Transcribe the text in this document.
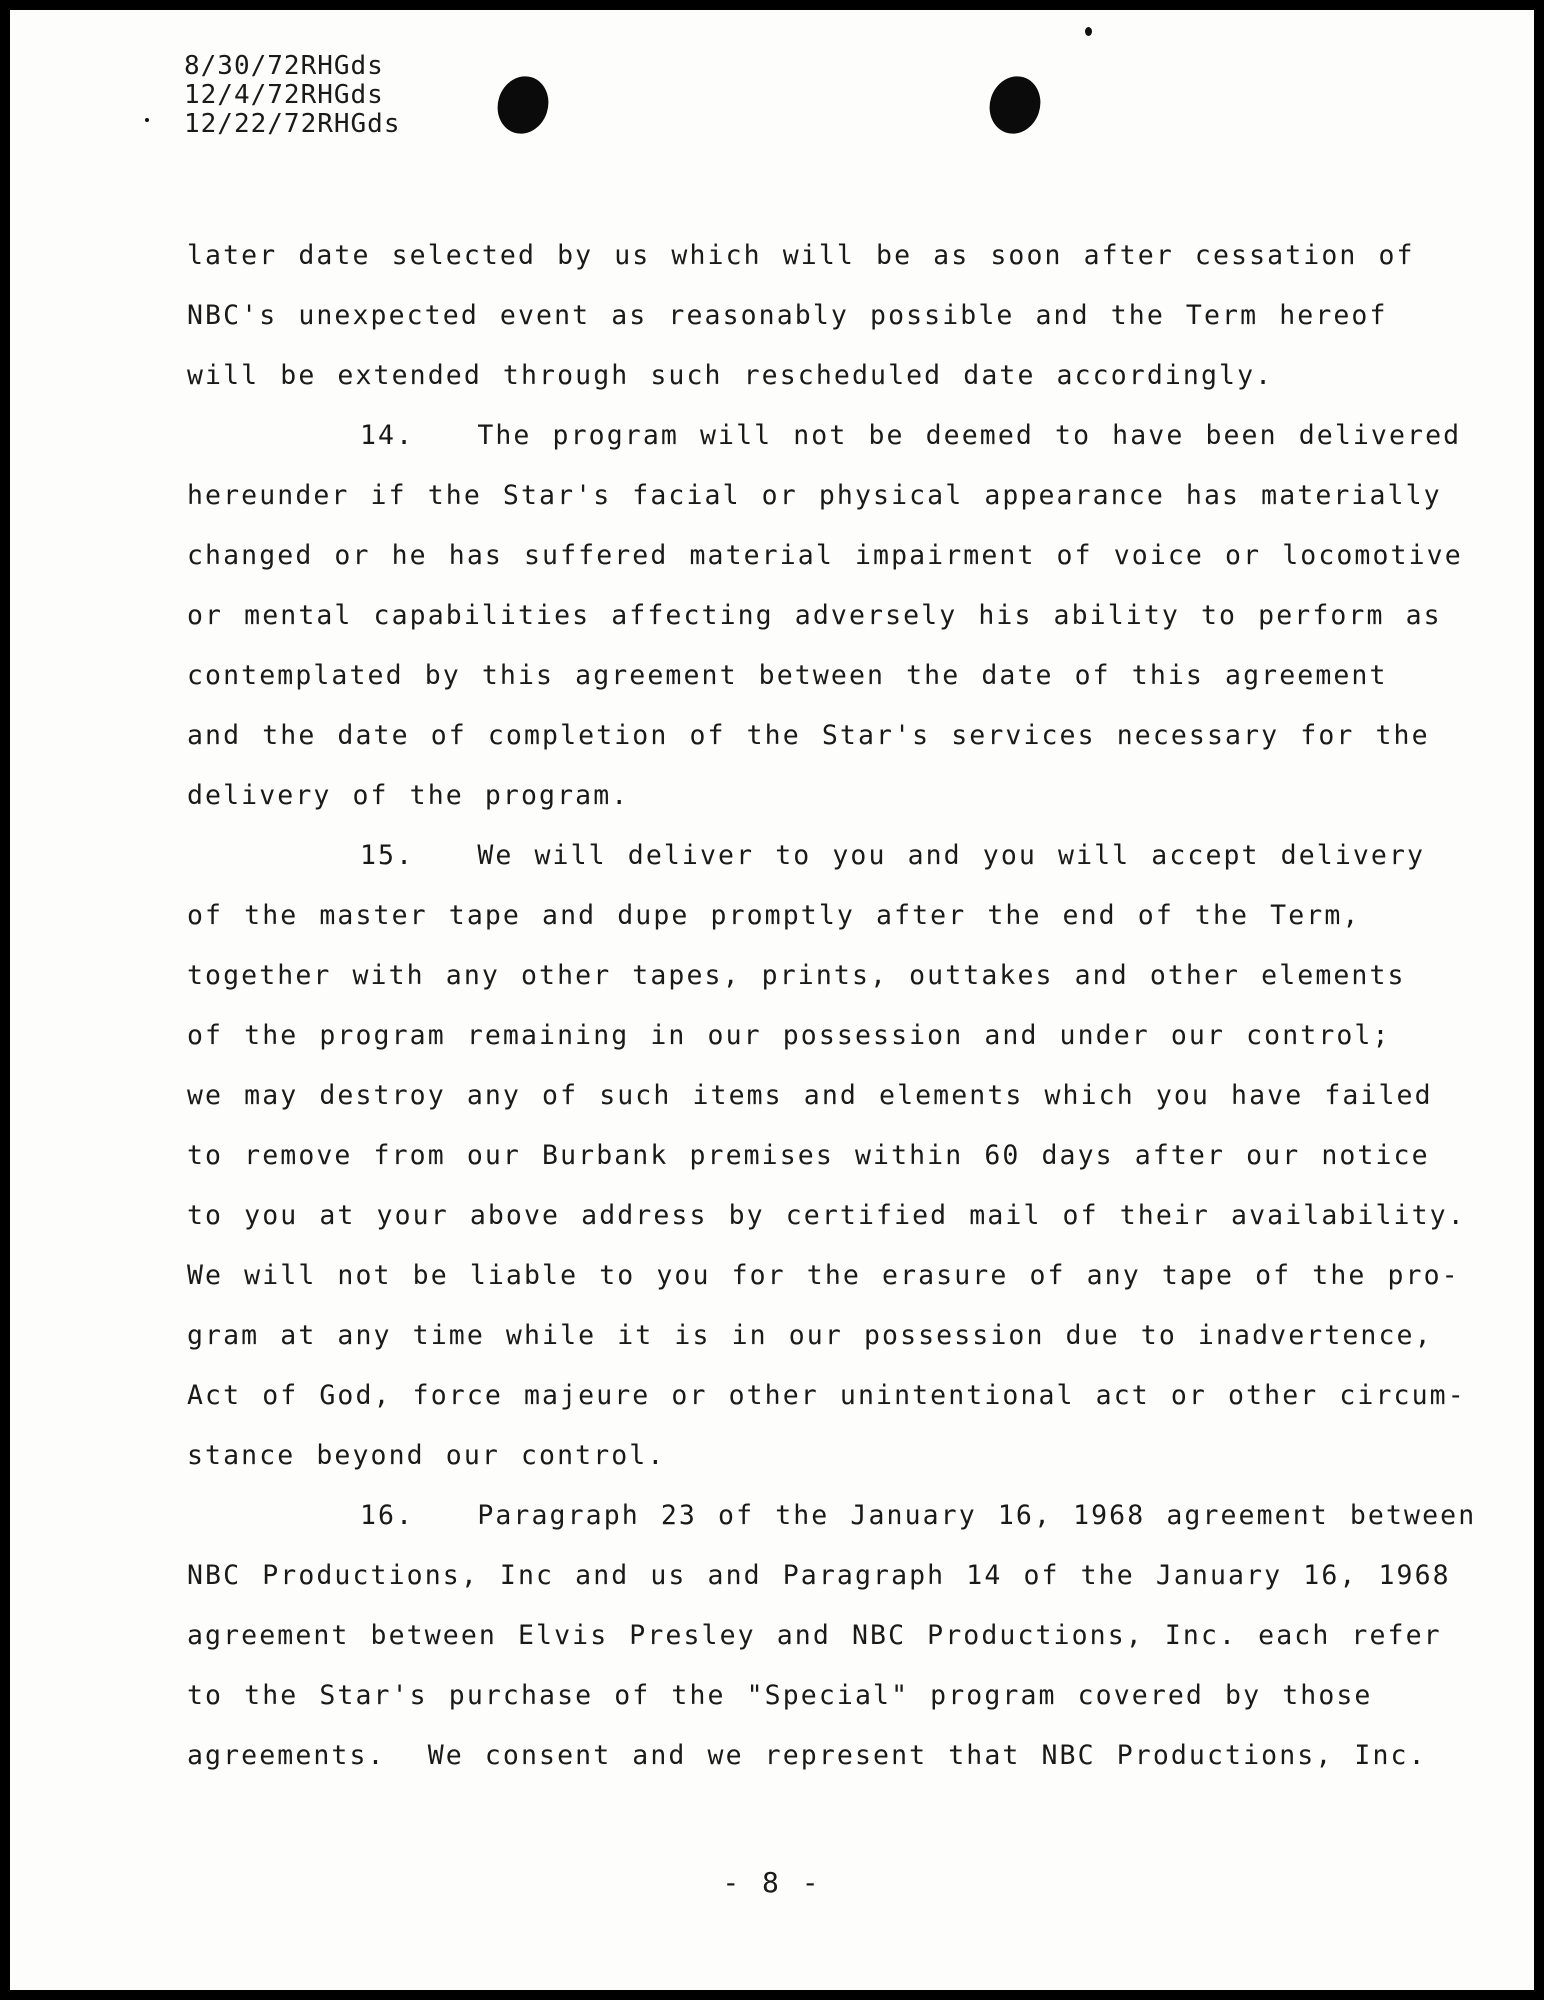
8/30/72RHGds
12/4/72RHGds
12/22/72RHGds
later date selected by us which will be as soon after cessation of
NBC's unexpected event as reasonably possible and the Term hereof
will be extended through such rescheduled date accordingly.
14.   The program will not be deemed to have been delivered
hereunder if the Star's facial or physical appearance has materially
changed or he has suffered material impairment of voice or locomotive
or mental capabilities affecting adversely his ability to perform as
contemplated by this agreement between the date of this agreement
and the date of completion of the Star's services necessary for the
delivery of the program.
15.   We will deliver to you and you will accept delivery
of the master tape and dupe promptly after the end of the Term,
together with any other tapes, prints, outtakes and other elements
of the program remaining in our possession and under our control;
we may destroy any of such items and elements which you have failed
to remove from our Burbank premises within 60 days after our notice
to you at your above address by certified mail of their availability.
We will not be liable to you for the erasure of any tape of the pro-
gram at any time while it is in our possession due to inadvertence,
Act of God, force majeure or other unintentional act or other circum-
stance beyond our control.
16.   Paragraph 23 of the January 16, 1968 agreement between
NBC Productions, Inc and us and Paragraph 14 of the January 16, 1968
agreement between Elvis Presley and NBC Productions, Inc. each refer
to the Star's purchase of the "Special" program covered by those
agreements.  We consent and we represent that NBC Productions, Inc.
- 8 -
